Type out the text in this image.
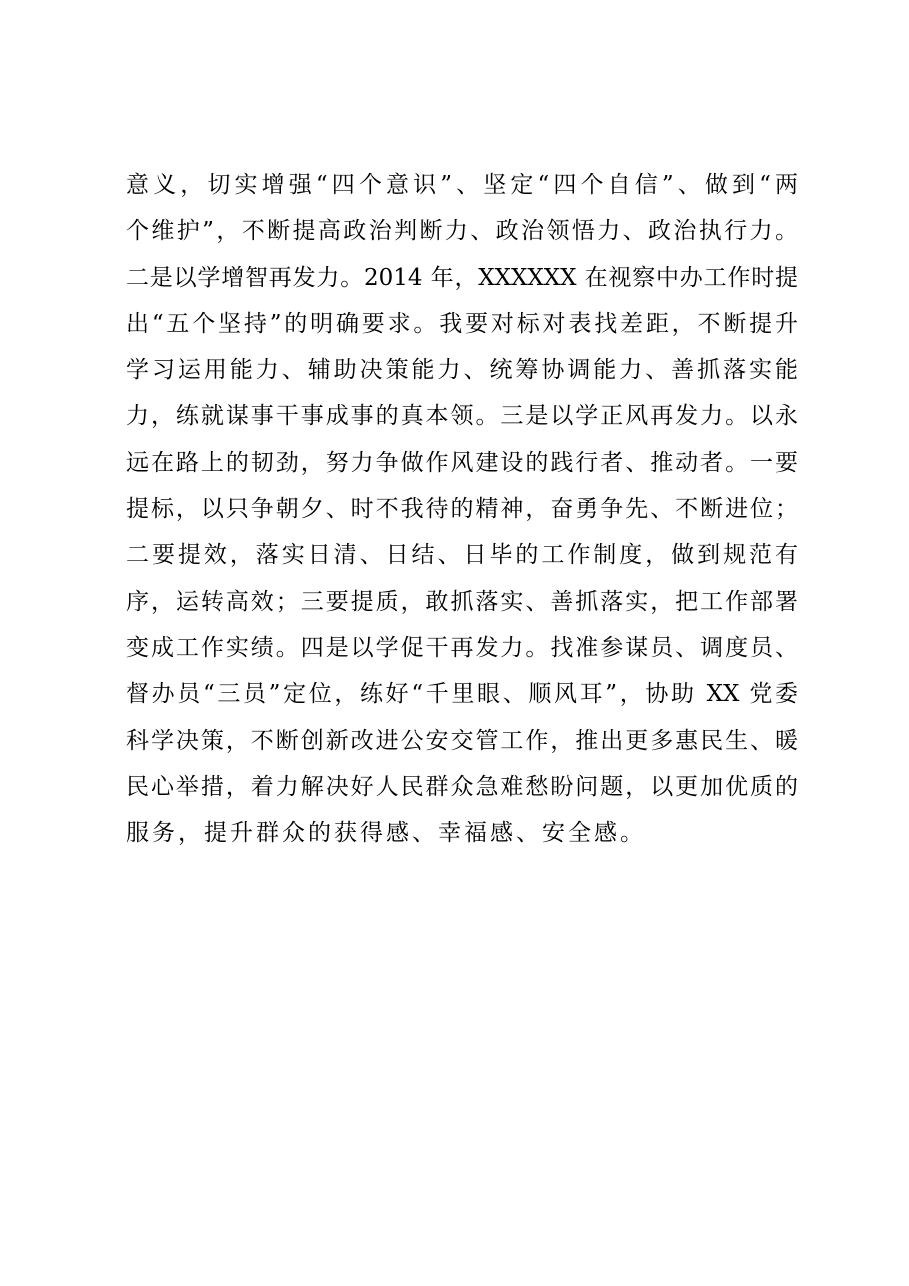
意义，切实增强“四个意识”、坚定“四个自信”、做到“两
个维护”，不断提高政治判断力、政治领悟力、政治执行力。
二是以学增智再发力。2014 年，XXXXXX 在视察中办工作时提
出“五个坚持”的明确要求。我要对标对表找差距，不断提升
学习运用能力、辅助决策能力、统筹协调能力、善抓落实能
力，练就谋事干事成事的真本领。三是以学正风再发力。以永
远在路上的韧劲，努力争做作风建设的践行者、推动者。一要
提标，以只争朝夕、时不我待的精神，奋勇争先、不断进位；
二要提效，落实日清、日结、日毕的工作制度，做到规范有
序，运转高效；三要提质，敢抓落实、善抓落实，把工作部署
变成工作实绩。四是以学促干再发力。找准参谋员、调度员、
督办员“三员”定位，练好“千里眼、顺风耳”，协助 XX 党委
科学决策，不断创新改进公安交管工作，推出更多惠民生、暖
民心举措，着力解决好人民群众急难愁盼问题，以更加优质的
服务，提升群众的获得感、幸福感、安全感。
